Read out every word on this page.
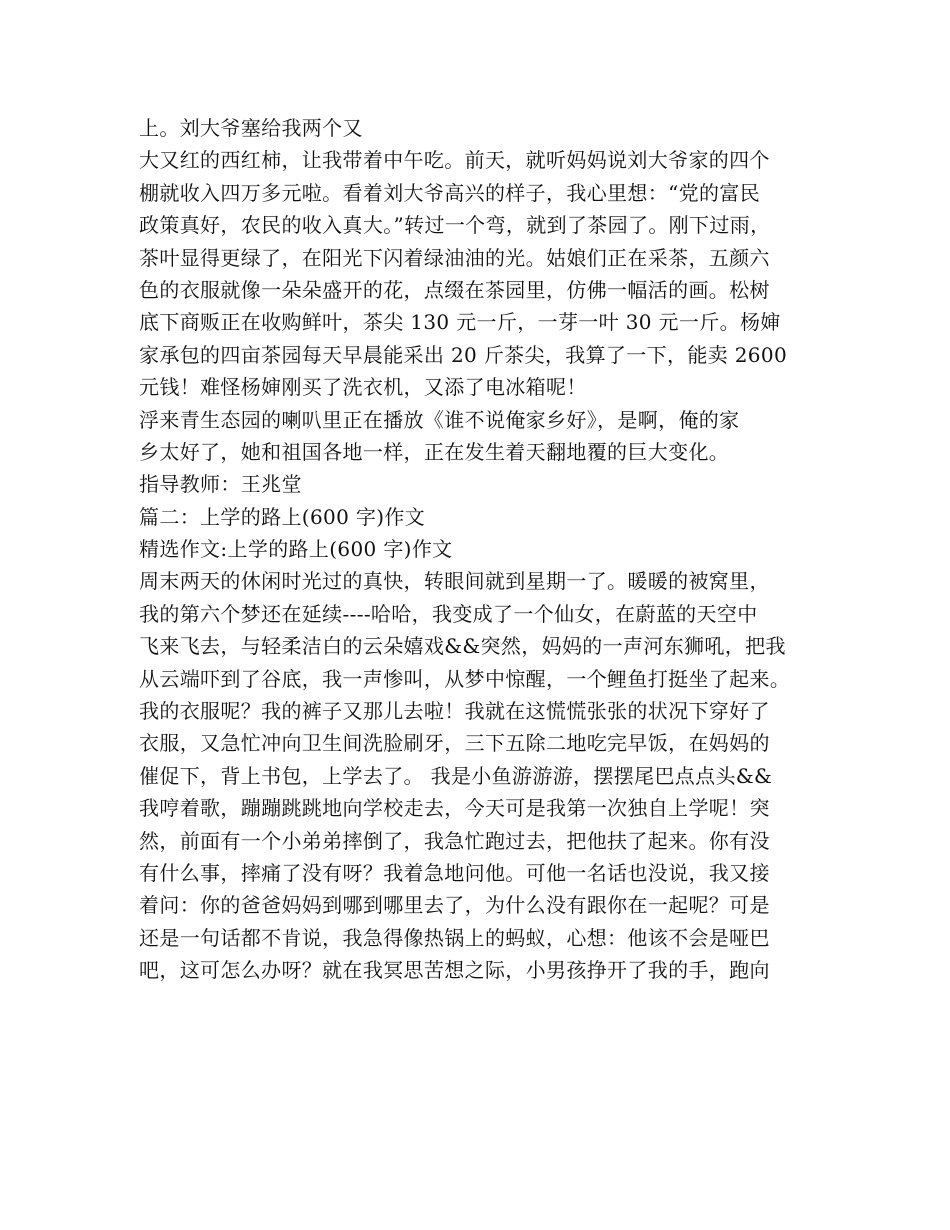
上。刘大爷塞给我两个又
大又红的西红柿，让我带着中午吃。前天，就听妈妈说刘大爷家的四个
棚就收入四万多元啦。看着刘大爷高兴的样子，我心里想：“党的富民
政策真好，农民的收入真大。”转过一个弯，就到了茶园了。刚下过雨，
茶叶显得更绿了，在阳光下闪着绿油油的光。姑娘们正在采茶，五颜六
色的衣服就像一朵朵盛开的花，点缀在茶园里，仿佛一幅活的画。松树
底下商贩正在收购鲜叶，茶尖 130 元一斤，一芽一叶 30 元一斤。杨婶
家承包的四亩茶园每天早晨能采出 20 斤茶尖，我算了一下，能卖 2600
元钱！难怪杨婶刚买了洗衣机，又添了电冰箱呢！
浮来青生态园的喇叭里正在播放《谁不说俺家乡好》，是啊，俺的家
乡太好了，她和祖国各地一样，正在发生着天翻地覆的巨大变化。
指导教师：王兆堂
篇二：上学的路上(600 字)作文
精选作文:上学的路上(600 字)作文
周末两天的休闲时光过的真快，转眼间就到星期一了。暖暖的被窝里，
我的第六个梦还在延续----哈哈，我变成了一个仙女，在蔚蓝的天空中
飞来飞去，与轻柔洁白的云朵嬉戏&&突然，妈妈的一声河东狮吼，把我
从云端吓到了谷底，我一声惨叫，从梦中惊醒，一个鲤鱼打挺坐了起来。
我的衣服呢？我的裤子又那儿去啦！我就在这慌慌张张的状况下穿好了
衣服，又急忙冲向卫生间洗脸刷牙，三下五除二地吃完早饭，在妈妈的
催促下，背上书包，上学去了。 我是小鱼游游游，摆摆尾巴点点头&&
我哼着歌，蹦蹦跳跳地向学校走去，今天可是我第一次独自上学呢！突
然，前面有一个小弟弟摔倒了，我急忙跑过去，把他扶了起来。你有没
有什么事，摔痛了没有呀？我着急地问他。可他一名话也没说，我又接
着问：你的爸爸妈妈到哪到哪里去了，为什么没有跟你在一起呢？可是
还是一句话都不肯说，我急得像热锅上的蚂蚁，心想：他该不会是哑巴
吧，这可怎么办呀？就在我冥思苦想之际，小男孩挣开了我的手，跑向
